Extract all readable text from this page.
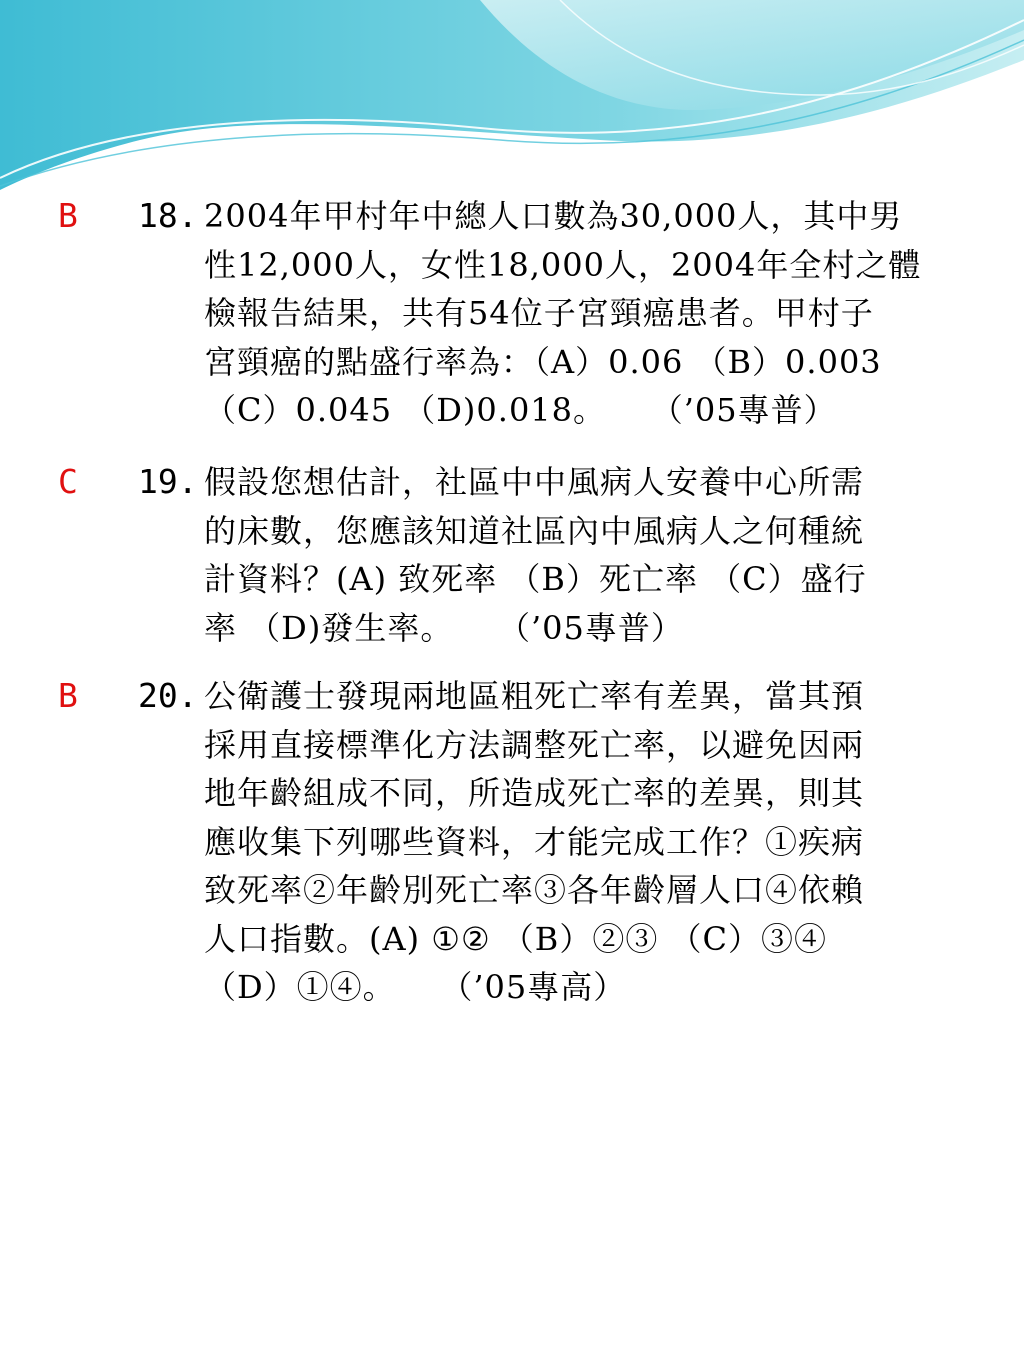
B 18. 2004年甲村年中總人口數為30,000人，其中男
性12,000人，女性18,000人，2004年全村之體
檢報告結果，共有54位子宮頸癌患者。甲村子
宮頸癌的點盛行率為：（A）0.06 （B）0.003
（C）0.045 （D)0.018。    （’05專普）
C 19. 假設您想估計，社區中中風病人安養中心所需
的床數，您應該知道社區內中風病人之何種統
計資料？(A) 致死率 （B）死亡率 （C）盛行
率 （D)發生率。    （’05專普）
B 20. 公衛護士發現兩地區粗死亡率有差異，當其預
採用直接標準化方法調整死亡率，以避免因兩
地年齡組成不同，所造成死亡率的差異，則其
應收集下列哪些資料，才能完成工作？①疾病
致死率②年齡別死亡率③各年齡層人口④依賴
人口指數。(A) ①② （B）②③ （C）③④
（D）①④。    （’05專高）
